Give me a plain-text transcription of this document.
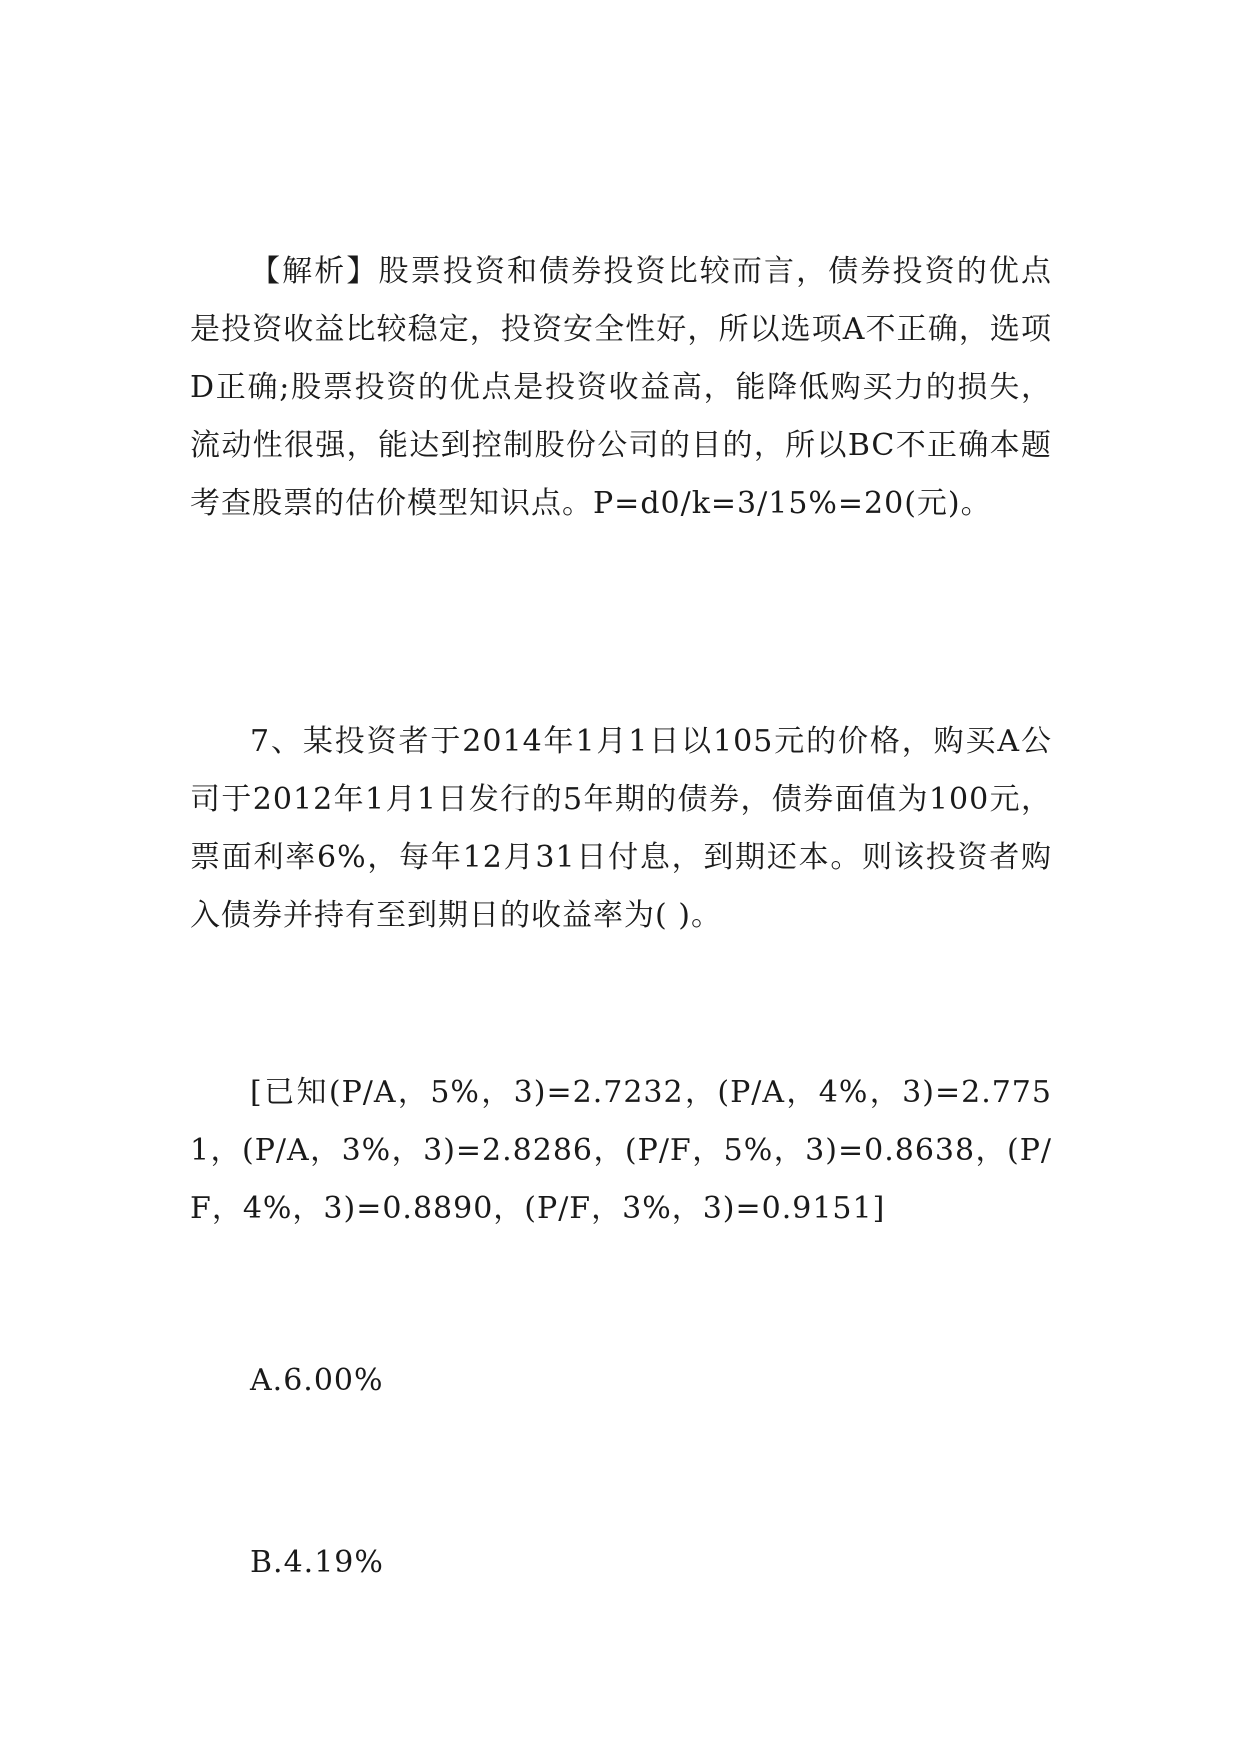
【解析】股票投资和债券投资比较而言，债券投资的优点是投资收益比较稳定，投资安全性好，所以选项A不正确，选项D正确;股票投资的优点是投资收益高，能降低购买力的损失，流动性很强，能达到控制股份公司的目的，所以BC不正确本题考查股票的估价模型知识点。P=d0/k=3/15%=20(元)。

7、某投资者于2014年1月1日以105元的价格，购买A公司于2012年1月1日发行的5年期的债券，债券面值为100元，票面利率6%，每年12月31日付息，到期还本。则该投资者购入债券并持有至到期日的收益率为( )。

[已知(P/A，5%，3)=2.7232，(P/A，4%，3)=2.7751，(P/A，3%，3)=2.8286，(P/F，5%，3)=0.8638，(P/F，4%，3)=0.8890，(P/F，3%，3)=0.9151]

A.6.00%

B.4.19%
